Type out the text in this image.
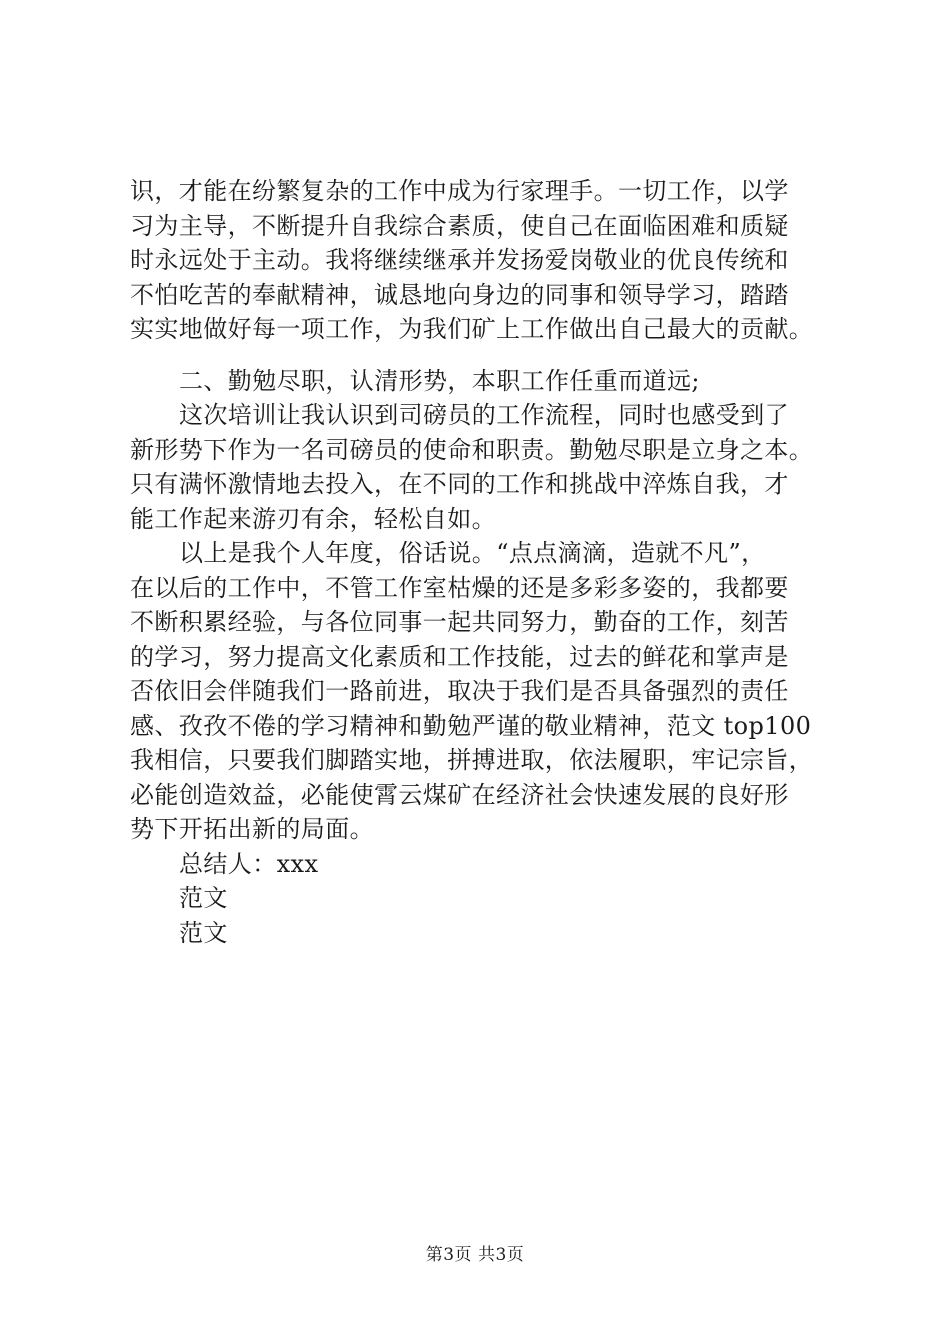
识，才能在纷繁复杂的工作中成为行家理手。一切工作，以学
习为主导，不断提升自我综合素质，使自己在面临困难和质疑
时永远处于主动。我将继续继承并发扬爱岗敬业的优良传统和
不怕吃苦的奉献精神，诚恳地向身边的同事和领导学习，踏踏
实实地做好每一项工作，为我们矿上工作做出自己最大的贡献。
二、勤勉尽职，认清形势，本职工作任重而道远;
这次培训让我认识到司磅员的工作流程，同时也感受到了
新形势下作为一名司磅员的使命和职责。勤勉尽职是立身之本。
只有满怀激情地去投入，在不同的工作和挑战中淬炼自我，才
能工作起来游刃有余，轻松自如。
以上是我个人年度，俗话说。“点点滴滴，造就不凡”，
在以后的工作中，不管工作室枯燥的还是多彩多姿的，我都要
不断积累经验，与各位同事一起共同努力，勤奋的工作，刻苦
的学习，努力提高文化素质和工作技能，过去的鲜花和掌声是
否依旧会伴随我们一路前进，取决于我们是否具备强烈的责任
感、孜孜不倦的学习精神和勤勉严谨的敬业精神，范文 top100
我相信，只要我们脚踏实地，拼搏进取，依法履职，牢记宗旨，
必能创造效益，必能使霄云煤矿在经济社会快速发展的良好形
势下开拓出新的局面。
总结人：xxx
范文
范文
第3页 共3页
